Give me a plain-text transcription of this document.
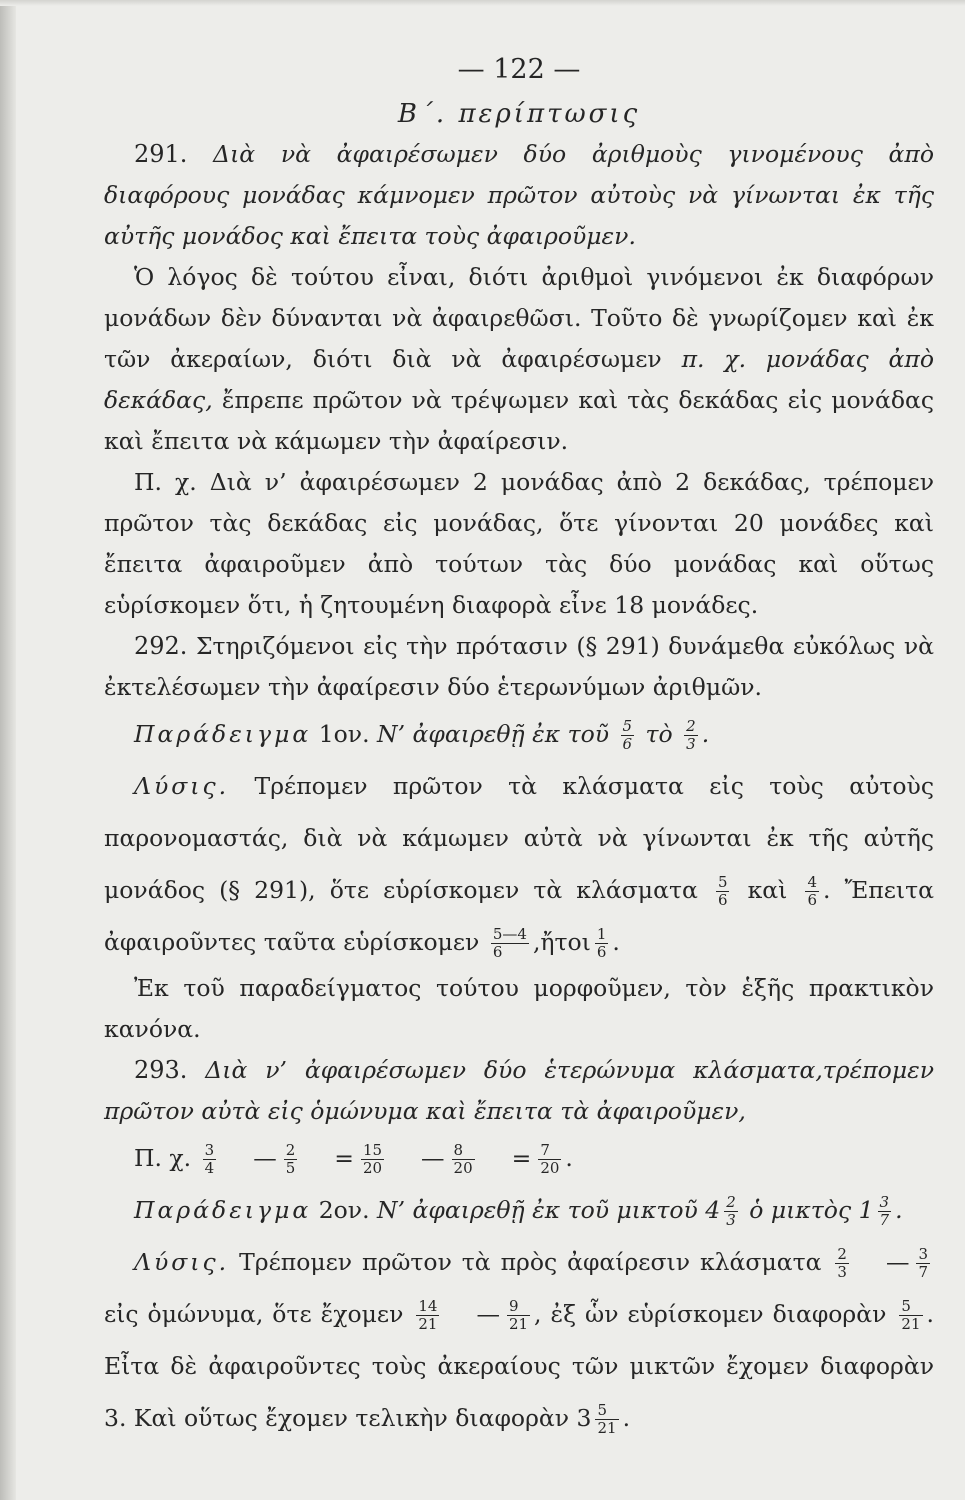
— 122 —
Β΄. περίπτωσις

291. Διὰ νὰ ἀφαιρέσωμεν δύο ἀριθμοὺς γινομένους ἀπὸ διαφόρους μονάδας κάμνομεν πρῶτον αὐτοὺς νὰ γίνωνται ἐκ τῆς αὐτῆς μονάδος καὶ ἔπειτα τοὺς ἀφαιροῦμεν.

Ὁ λόγος δὲ τούτου εἶναι, διότι ἀριθμοὶ γινόμενοι ἐκ διαφόρων μονάδων δὲν δύνανται νὰ ἀφαιρεθῶσι. Τοῦτο δὲ γνωρίζομεν καὶ ἐκ τῶν ἀκεραίων, διότι διὰ νὰ ἀφαιρέσωμεν π. χ. μονάδας ἀπὸ δεκάδας, ἔπρεπε πρῶτον νὰ τρέψωμεν καὶ τὰς δεκάδας εἰς μονάδας καὶ ἔπειτα νὰ κάμωμεν τὴν ἀφαίρεσιν.

Π. χ. Διὰ ν’ ἀφαιρέσωμεν 2 μονάδας ἀπὸ 2 δεκάδας, τρέπομεν πρῶτον τὰς δεκάδας εἰς μονάδας, ὅτε γίνονται 20 μονάδες καὶ ἔπειτα ἀφαιροῦμεν ἀπὸ τούτων τὰς δύο μονάδας καὶ οὕτως εὑρίσκομεν ὅτι, ἡ ζητουμένη διαφορὰ εἶνε 18 μονάδες.

292. Στηριζόμενοι εἰς τὴν πρότασιν (§ 291) δυνάμεθα εὐκόλως νὰ ἐκτελέσωμεν τὴν ἀφαίρεσιν δύο ἑτερωνύμων ἀριθμῶν.

Παράδειγμα 1ον. Ν’ ἀφαιρεθῇ ἐκ τοῦ $\frac{5}{6}$ τὸ $\frac{2}{3}$ .

Λύσις. Τρέπομεν πρῶτον τὰ κλάσματα εἰς τοὺς αὐτοὺς παρονομαστάς, διὰ νὰ κάμωμεν αὐτὰ νὰ γίνωνται ἐκ τῆς αὐτῆς μονάδος (§ 291), ὅτε εὑρίσκομεν τὰ κλάσματα $\frac{5}{6}$ καὶ $\frac{4}{6}$ . Ἔπειτα ἀφαιροῦντες ταῦτα εὑρίσκομεν $\frac{5—4}{6}$ ,ἤτοι $\frac{1}{6}$ .

Ἐκ τοῦ παραδείγματος τούτου μορφοῦμεν, τὸν ἑξῆς πρακτικὸν κανόνα.

293. Διὰ ν’ ἀφαιρέσωμεν δύο ἑτερώνυμα κλάσματα,τρέπομεν πρῶτον αὐτὰ εἰς ὁμώνυμα καὶ ἔπειτα τὰ ἀφαιροῦμεν,

Π. χ. $\frac{3}{4}$ — $\frac{2}{5} = \frac{15}{20}$ — $\frac{8}{20} = \frac{7}{20}$ .

Παράδειγμα 2ον. Ν’ ἀφαιρεθῇ ἐκ τοῦ μικτοῦ $4 \frac{2}{3}$ ὁ μικτὸς $1 \frac{3}{7}$ .

Λύσις. Τρέπομεν πρῶτον τὰ πρὸς ἀφαίρεσιν κλάσματα $\frac{2}{3}$ — $\frac{3}{7}$
εἰς ὁμώνυμα, ὅτε ἔχομεν $\frac{14}{21}$ — $\frac{9}{21}$ , ἐξ ὧν εὑρίσκομεν διαφορὰν $\frac{5}{21}$ . Εἶτα δὲ ἀφαιροῦντες τοὺς ἀκεραίους τῶν μικτῶν ἔχομεν διαφορὰν 3. Καὶ οὕτως ἔχομεν τελικὴν διαφορὰν $3 \frac{5}{21}$ .
